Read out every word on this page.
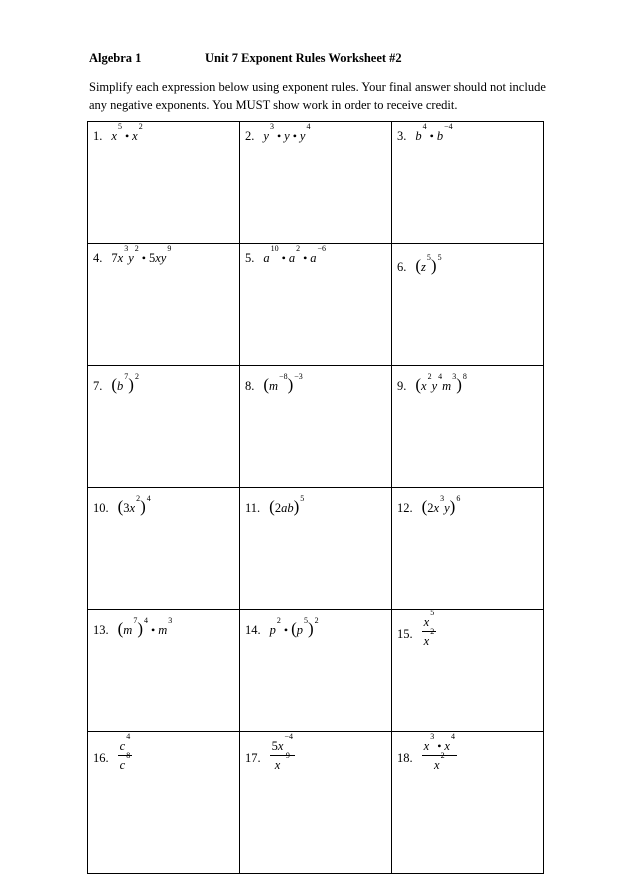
Algebra 1	Unit 7 Exponent Rules Worksheet #2
Simplify each expression below using exponent rules. Your final answer should not include any negative exponents. You MUST show work in order to receive credit.
1. $x^5•$ $x^2$	2. $y^3•$ y • $y^4$	3. $b^4•$ $b^{-4}$

4. $7x^3y^2•$ $5xy^9$	5. $a^{10}•$ $a^2•$ $a^{-6}$	6. $(z^5)^5$

7. $(b^7)^2$	8. $(m^{-8})^{-3}$	9. $(x^2y^4m^3)^8$

10. $(3x^2)^4$	11. $(2ab)^5$	12. $(2x^3y)^6$

13. $(m^7)^4•$ $m^3$	14. $p^2•$ $(p^5)^2$	15. $\frac{x^5}{x^2}$

16. $\frac{c^4}{c^8}$	17. $\frac{5x^{-4}}{x^{-9}}$	18. $\frac{x^3• x^4}{x^2}$
